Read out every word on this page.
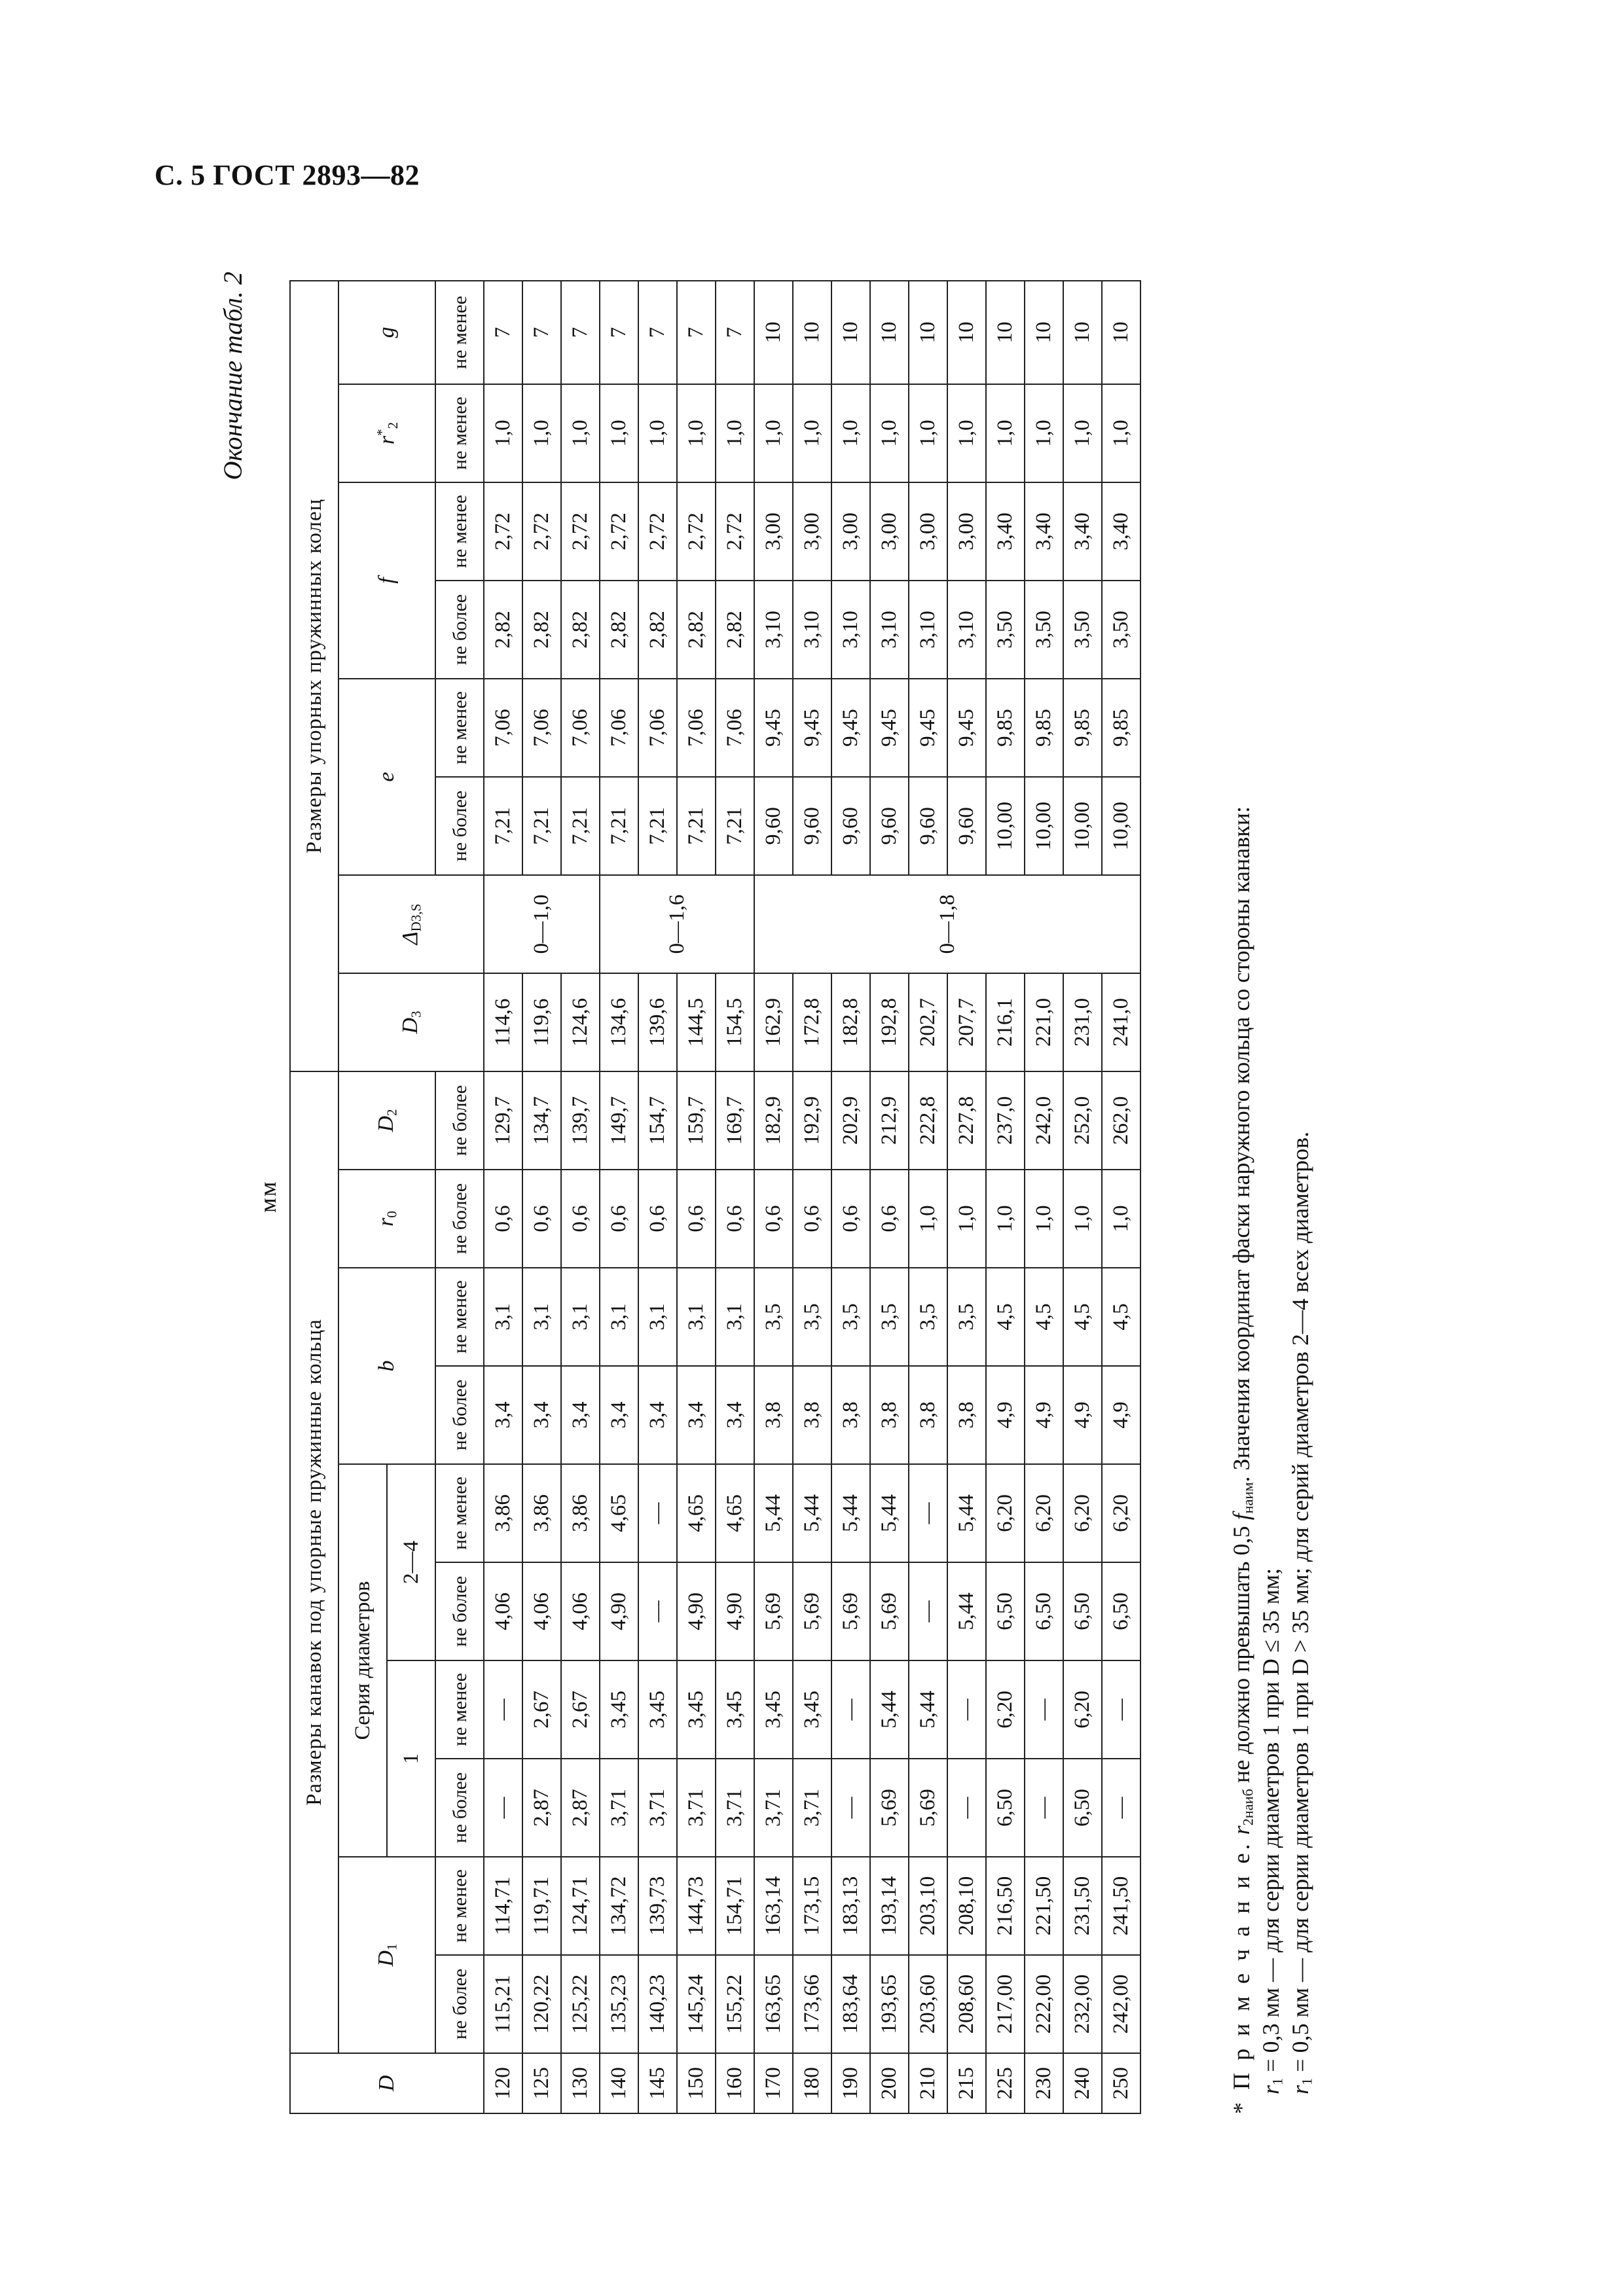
С. 5 ГОСТ 2893—82
Окончание табл. 2
мм
D	Размеры канавок под упорные пружинные кольца										Размеры упорных пружинных колец							
	$D_1$		Серия диаметров				b		$r_0$	$D_2$	$D_3$	$\Delta_{D3,S}$	e		f		$r^*_2$	g
			1		2—4													
	не более	не менее	не более	не менее	не более	не менее	не более	не менее	не более	не более			не более	не менее	не более	не менее	не менее	не менее
120	115,21	114,71	—	—	4,06	3,86	3,4	3,1	0,6	129,7	114,6	0—1,0	7,21	7,06	2,82	2,72	1,0	7
125	120,22	119,71	2,87	2,67	4,06	3,86	3,4	3,1	0,6	134,7	119,6		7,21	7,06	2,82	2,72	1,0	7
130	125,22	124,71	2,87	2,67	4,06	3,86	3,4	3,1	0,6	139,7	124,6		7,21	7,06	2,82	2,72	1,0	7
140	135,23	134,72	3,71	3,45	4,90	4,65	3,4	3,1	0,6	149,7	134,6	0—1,6	7,21	7,06	2,82	2,72	1,0	7
145	140,23	139,73	3,71	3,45	—	—	3,4	3,1	0,6	154,7	139,6		7,21	7,06	2,82	2,72	1,0	7
150	145,24	144,73	3,71	3,45	4,90	4,65	3,4	3,1	0,6	159,7	144,5		7,21	7,06	2,82	2,72	1,0	7
160	155,22	154,71	3,71	3,45	4,90	4,65	3,4	3,1	0,6	169,7	154,5		7,21	7,06	2,82	2,72	1,0	7
170	163,65	163,14	3,71	3,45	5,69	5,44	3,8	3,5	0,6	182,9	162,9	0—1,8	9,60	9,45	3,10	3,00	1,0	10
180	173,66	173,15	3,71	3,45	5,69	5,44	3,8	3,5	0,6	192,9	172,8		9,60	9,45	3,10	3,00	1,0	10
190	183,64	183,13	—	—	5,69	5,44	3,8	3,5	0,6	202,9	182,8		9,60	9,45	3,10	3,00	1,0	10
200	193,65	193,14	5,69	5,44	5,69	5,44	3,8	3,5	0,6	212,9	192,8		9,60	9,45	3,10	3,00	1,0	10
210	203,60	203,10	5,69	5,44	—	—	3,8	3,5	1,0	222,8	202,7		9,60	9,45	3,10	3,00	1,0	10
215	208,60	208,10	—	—	5,44	5,44	3,8	3,5	1,0	227,8	207,7		9,60	9,45	3,10	3,00	1,0	10
225	217,00	216,50	6,50	6,20	6,50	6,20	4,9	4,5	1,0	237,0	216,1		10,00	9,85	3,50	3,40	1,0	10
230	222,00	221,50	—	—	6,50	6,20	4,9	4,5	1,0	242,0	221,0		10,00	9,85	3,50	3,40	1,0	10
240	232,00	231,50	6,50	6,20	6,50	6,20	4,9	4,5	1,0	252,0	231,0		10,00	9,85	3,50	3,40	1,0	10
250	242,00	241,50	—	—	6,50	6,20	4,9	4,5	1,0	262,0	241,0		10,00	9,85	3,50	3,40	1,0	10
* П р и м е ч а н и е. $r_{2наиб}$ не должно превышать 0,5 $f_{наим}$. Значения координат фаски наружного кольца со стороны канавки:
$r_1 = 0,3$ мм — для серии диаметров 1 при D ≤ 35 мм;
$r_1 = 0,5$ мм — для серии диаметров 1 при D > 35 мм; для серий диаметров 2—4 всех диаметров.
